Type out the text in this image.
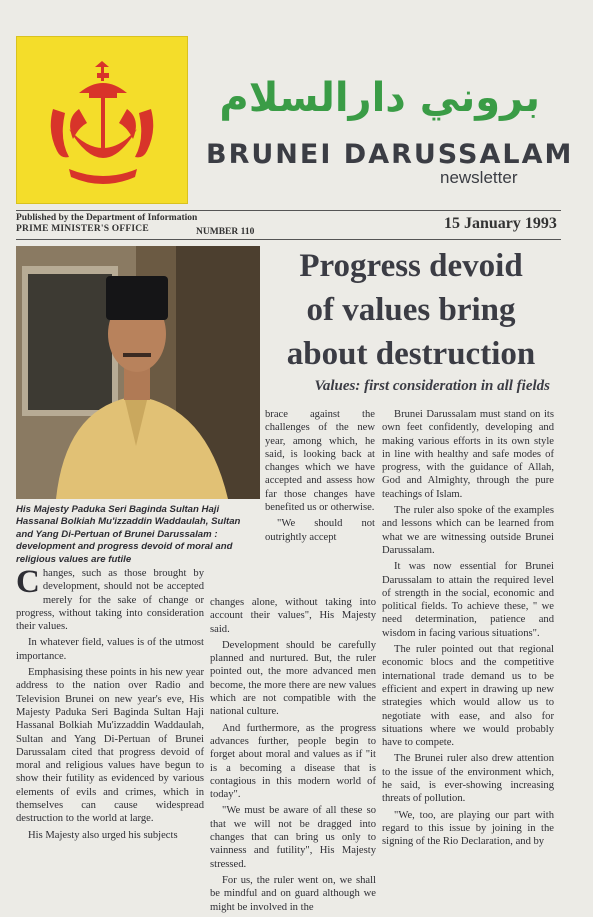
بروني دارالسلام
BRUNEI DARUSSALAM
newsletter
Published by the Department of Information
PRIME MINISTER'S OFFICE	NUMBER 110	15 January 1993
Progress devoid
of values bring
about destruction
Values: first consideration in all fields
His Majesty Paduka Seri Baginda Sultan Haji Hassanal Bolkiah Mu'izzaddin Waddaulah, Sultan and Yang Di-Pertuan of Brunei Darussalam : development and progress devoid of moral and religious values are futile

Changes, such as those brought by development, should not be accepted merely for the sake of change or progress, without taking into consideration their values.

In whatever field, values is of the utmost importance.

Emphasising these points in his new year address to the nation over Radio and Television Brunei on new year's eve, His Majesty Paduka Seri Baginda Sultan Haji Hassanal Bolkiah Mu'izzaddin Waddaulah, Sultan and Yang Di-Pertuan of Brunei Darussalam cited that progress devoid of moral and religious values have begun to show their futility as evidenced by various elements of evils and crimes, which in themselves can cause widespread destruction to the world at large.

His Majesty also urged his subjects

brace against the challenges of the new year, among which, he said, is looking back at changes which we have accepted and assess how far those changes have benefited us or otherwise.

"We should not outrightly accept

changes alone, without taking into account their values", His Majesty said.

Development should be carefully planned and nurtured. But, the ruler pointed out, the more advanced men become, the more there are new values which are not compatible with the national culture.

And furthermore, as the progress advances further, people begin to forget about moral and values as if "it is a becoming a disease that is contagious in this modern world of today".

"We must be aware of all these so that we will not be dragged into changes that can bring us only to vainness and futility", His Majesty stressed.

For us, the ruler went on, we shall be mindful and on guard although we might be involved in the

Brunei Darussalam must stand on its own feet confidently, developing and making various efforts in its own style in line with healthy and safe modes of progress, with the guidance of Allah, God and Almighty, through the pure teachings of Islam.

The ruler also spoke of the examples and lessons which can be learned from what we are witnessing outside Brunei Darussalam.

It was now essential for Brunei Darussalam to attain the required level of strength in the social, economic and political fields. To achieve these, " we need determination, patience and wisdom in facing various situations".

The ruler pointed out that regional economic blocs and the competitive international trade demand us to be efficient and expert in drawing up new strategies which would allow us to negotiate with ease, and also for situations where we would probably have to compete.

The Brunei ruler also drew attention to the issue of the environment which, he said, is ever-showing increasing threats of pollution.

"We, too, are playing our part with regard to this issue by joining in the signing of the Rio Declaration, and by
